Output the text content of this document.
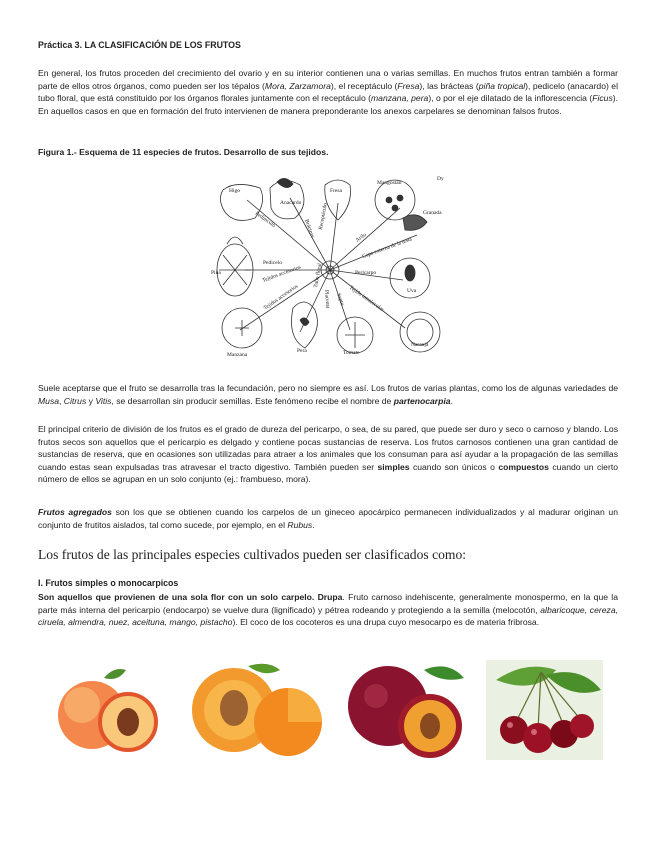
Práctica 3. LA CLASIFICACIÓN DE LOS FRUTOS

En general, los frutos proceden del crecimiento del ovario y en su interior contienen una o varias semillas. En muchos frutos entran también a formar parte de ellos otros órganos, como pueden ser los tépalos (Mora, Zarzamora), el receptáculo (Fresa), las brácteas (piña tropical), pedicelo (anacardo) el tubo floral, que está constituido por los órganos florales juntamente con el receptáculo (manzana, pera), o por el eje dilatado de la inflorescencia (Ficus). En aquellos casos en que en formación del fruto intervienen de manera preponderante los anexos carpelares se denominan falsos frutos.

Figura 1.- Esquema de 11 especies de frutos. Desarrollo de sus tejidos.

Higo
Anacardo
Fresa
Mangostán
Granada
Uva
Naranja
Tomate
Pera
Manzana
Piña
Pedúnculo
Pedicelo
Brácteas Receptáculo
Arilo
Capa externa de la testa
Pericarpo
Tejido intralocular
Septo
Placenta
Tubo floral
Tejidos accesorios
Tejidos accesorios
Dy

Suele aceptarse que el fruto se desarrolla tras la fecundación, pero no siempre es así. Los frutos de varias plantas, como los de algunas variedades de Musa, Citrus y Vitis, se desarrollan sin producir semillas. Este fenómeno recibe el nombre de partenocarpia.

El principal criterio de división de los frutos es el grado de dureza del pericarpo, o sea, de su pared, que puede ser duro y seco o carnoso y blando. Los frutos secos son aquellos que el pericarpio es delgado y contiene pocas sustancias de reserva. Los frutos carnosos contienen una gran cantidad de sustancias de reserva, que en ocasiones son utilizadas para atraer a los animales que los consuman para así ayudar a la propagación de las semillas cuando estas sean expulsadas tras atravesar el tracto digestivo. También pueden ser simples cuando son únicos o compuestos cuando un cierto número de ellos se agrupan en un solo conjunto (ej.: frambueso, mora).

Frutos agregados son los que se obtienen cuando los carpelos de un gineceo apocárpico permanecen individualizados y al madurar originan un conjunto de frutitos aislados, tal como sucede, por ejemplo, en el Rubus.

Los frutos de las principales especies cultivados pueden ser clasificados como:

I. Frutos simples o monocarpicos

Son aquellos que provienen de una sola flor con un solo carpelo. Drupa. Fruto carnoso indehiscente, generalmente monospermo, en la que la parte más interna del pericarpio (endocarpo) se vuelve dura (lignificado) y pétrea rodeando y protegiendo a la semilla (melocotón, albaricoque, cereza, ciruela, almendra, nuez, aceituna, mango, pistacho). El coco de los cocoteros es una drupa cuyo mesocarpo es de materia fribrosa.
